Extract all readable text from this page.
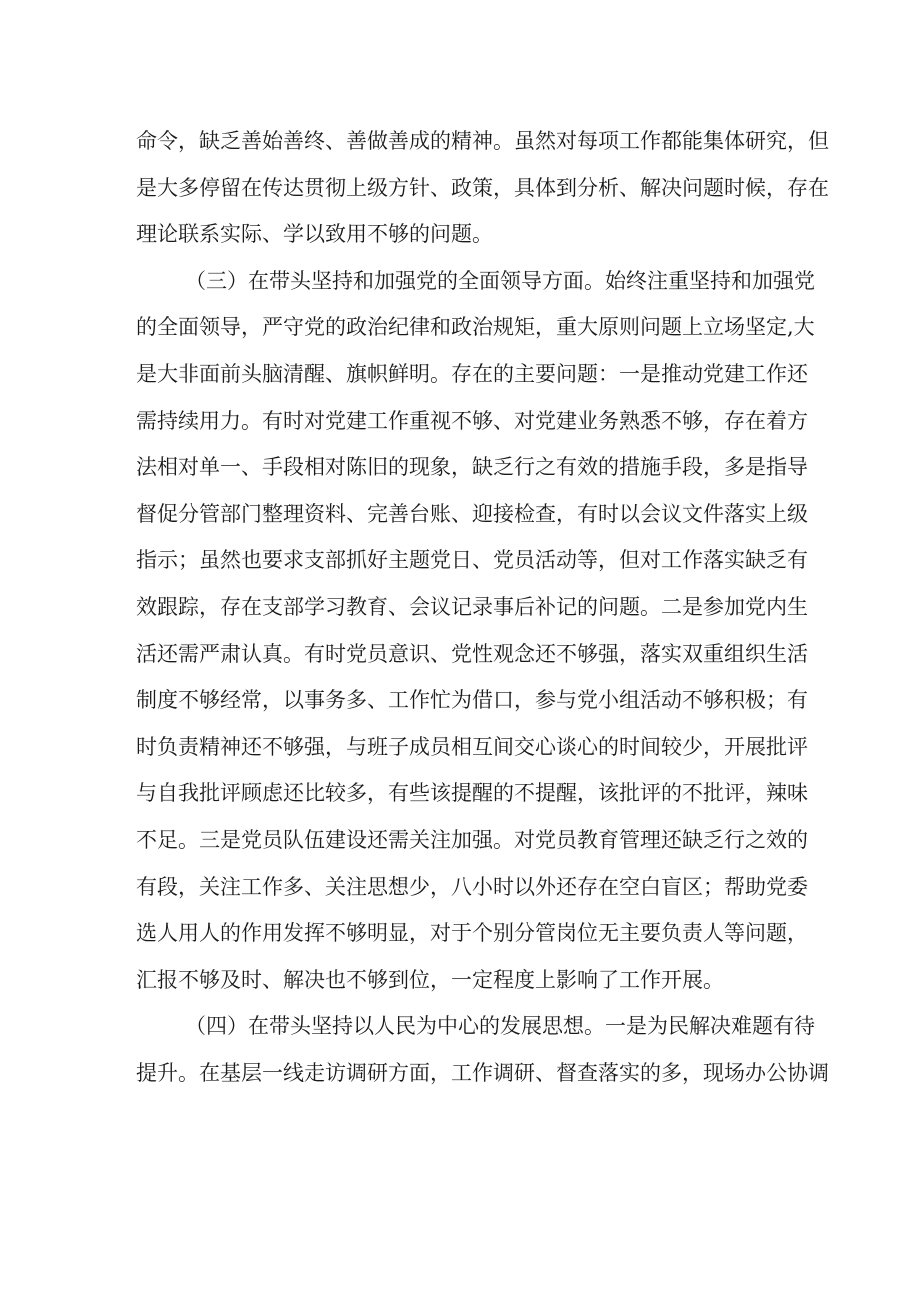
命令，缺乏善始善终、善做善成的精神。虽然对每项工作都能集体研究，但
是大多停留在传达贯彻上级方针、政策，具体到分析、解决问题时候，存在
理论联系实际、学以致用不够的问题。
（三）在带头坚持和加强党的全面领导方面。始终注重坚持和加强党
的全面领导，严守党的政治纪律和政治规矩，重大原则问题上立场坚定,大
是大非面前头脑清醒、旗帜鲜明。存在的主要问题：一是推动党建工作还
需持续用力。有时对党建工作重视不够、对党建业务熟悉不够，存在着方
法相对单一、手段相对陈旧的现象，缺乏行之有效的措施手段，多是指导
督促分管部门整理资料、完善台账、迎接检查，有时以会议文件落实上级
指示；虽然也要求支部抓好主题党日、党员活动等，但对工作落实缺乏有
效跟踪，存在支部学习教育、会议记录事后补记的问题。二是参加党内生
活还需严肃认真。有时党员意识、党性观念还不够强，落实双重组织生活
制度不够经常，以事务多、工作忙为借口，参与党小组活动不够积极；有
时负责精神还不够强，与班子成员相互间交心谈心的时间较少，开展批评
与自我批评顾虑还比较多，有些该提醒的不提醒，该批评的不批评，辣味
不足。三是党员队伍建设还需关注加强。对党员教育管理还缺乏行之效的
有段，关注工作多、关注思想少，八小时以外还存在空白盲区；帮助党委
选人用人的作用发挥不够明显，对于个别分管岗位无主要负责人等问题，
汇报不够及时、解决也不够到位，一定程度上影响了工作开展。
（四）在带头坚持以人民为中心的发展思想。一是为民解决难题有待
提升。在基层一线走访调研方面，工作调研、督查落实的多，现场办公协调
